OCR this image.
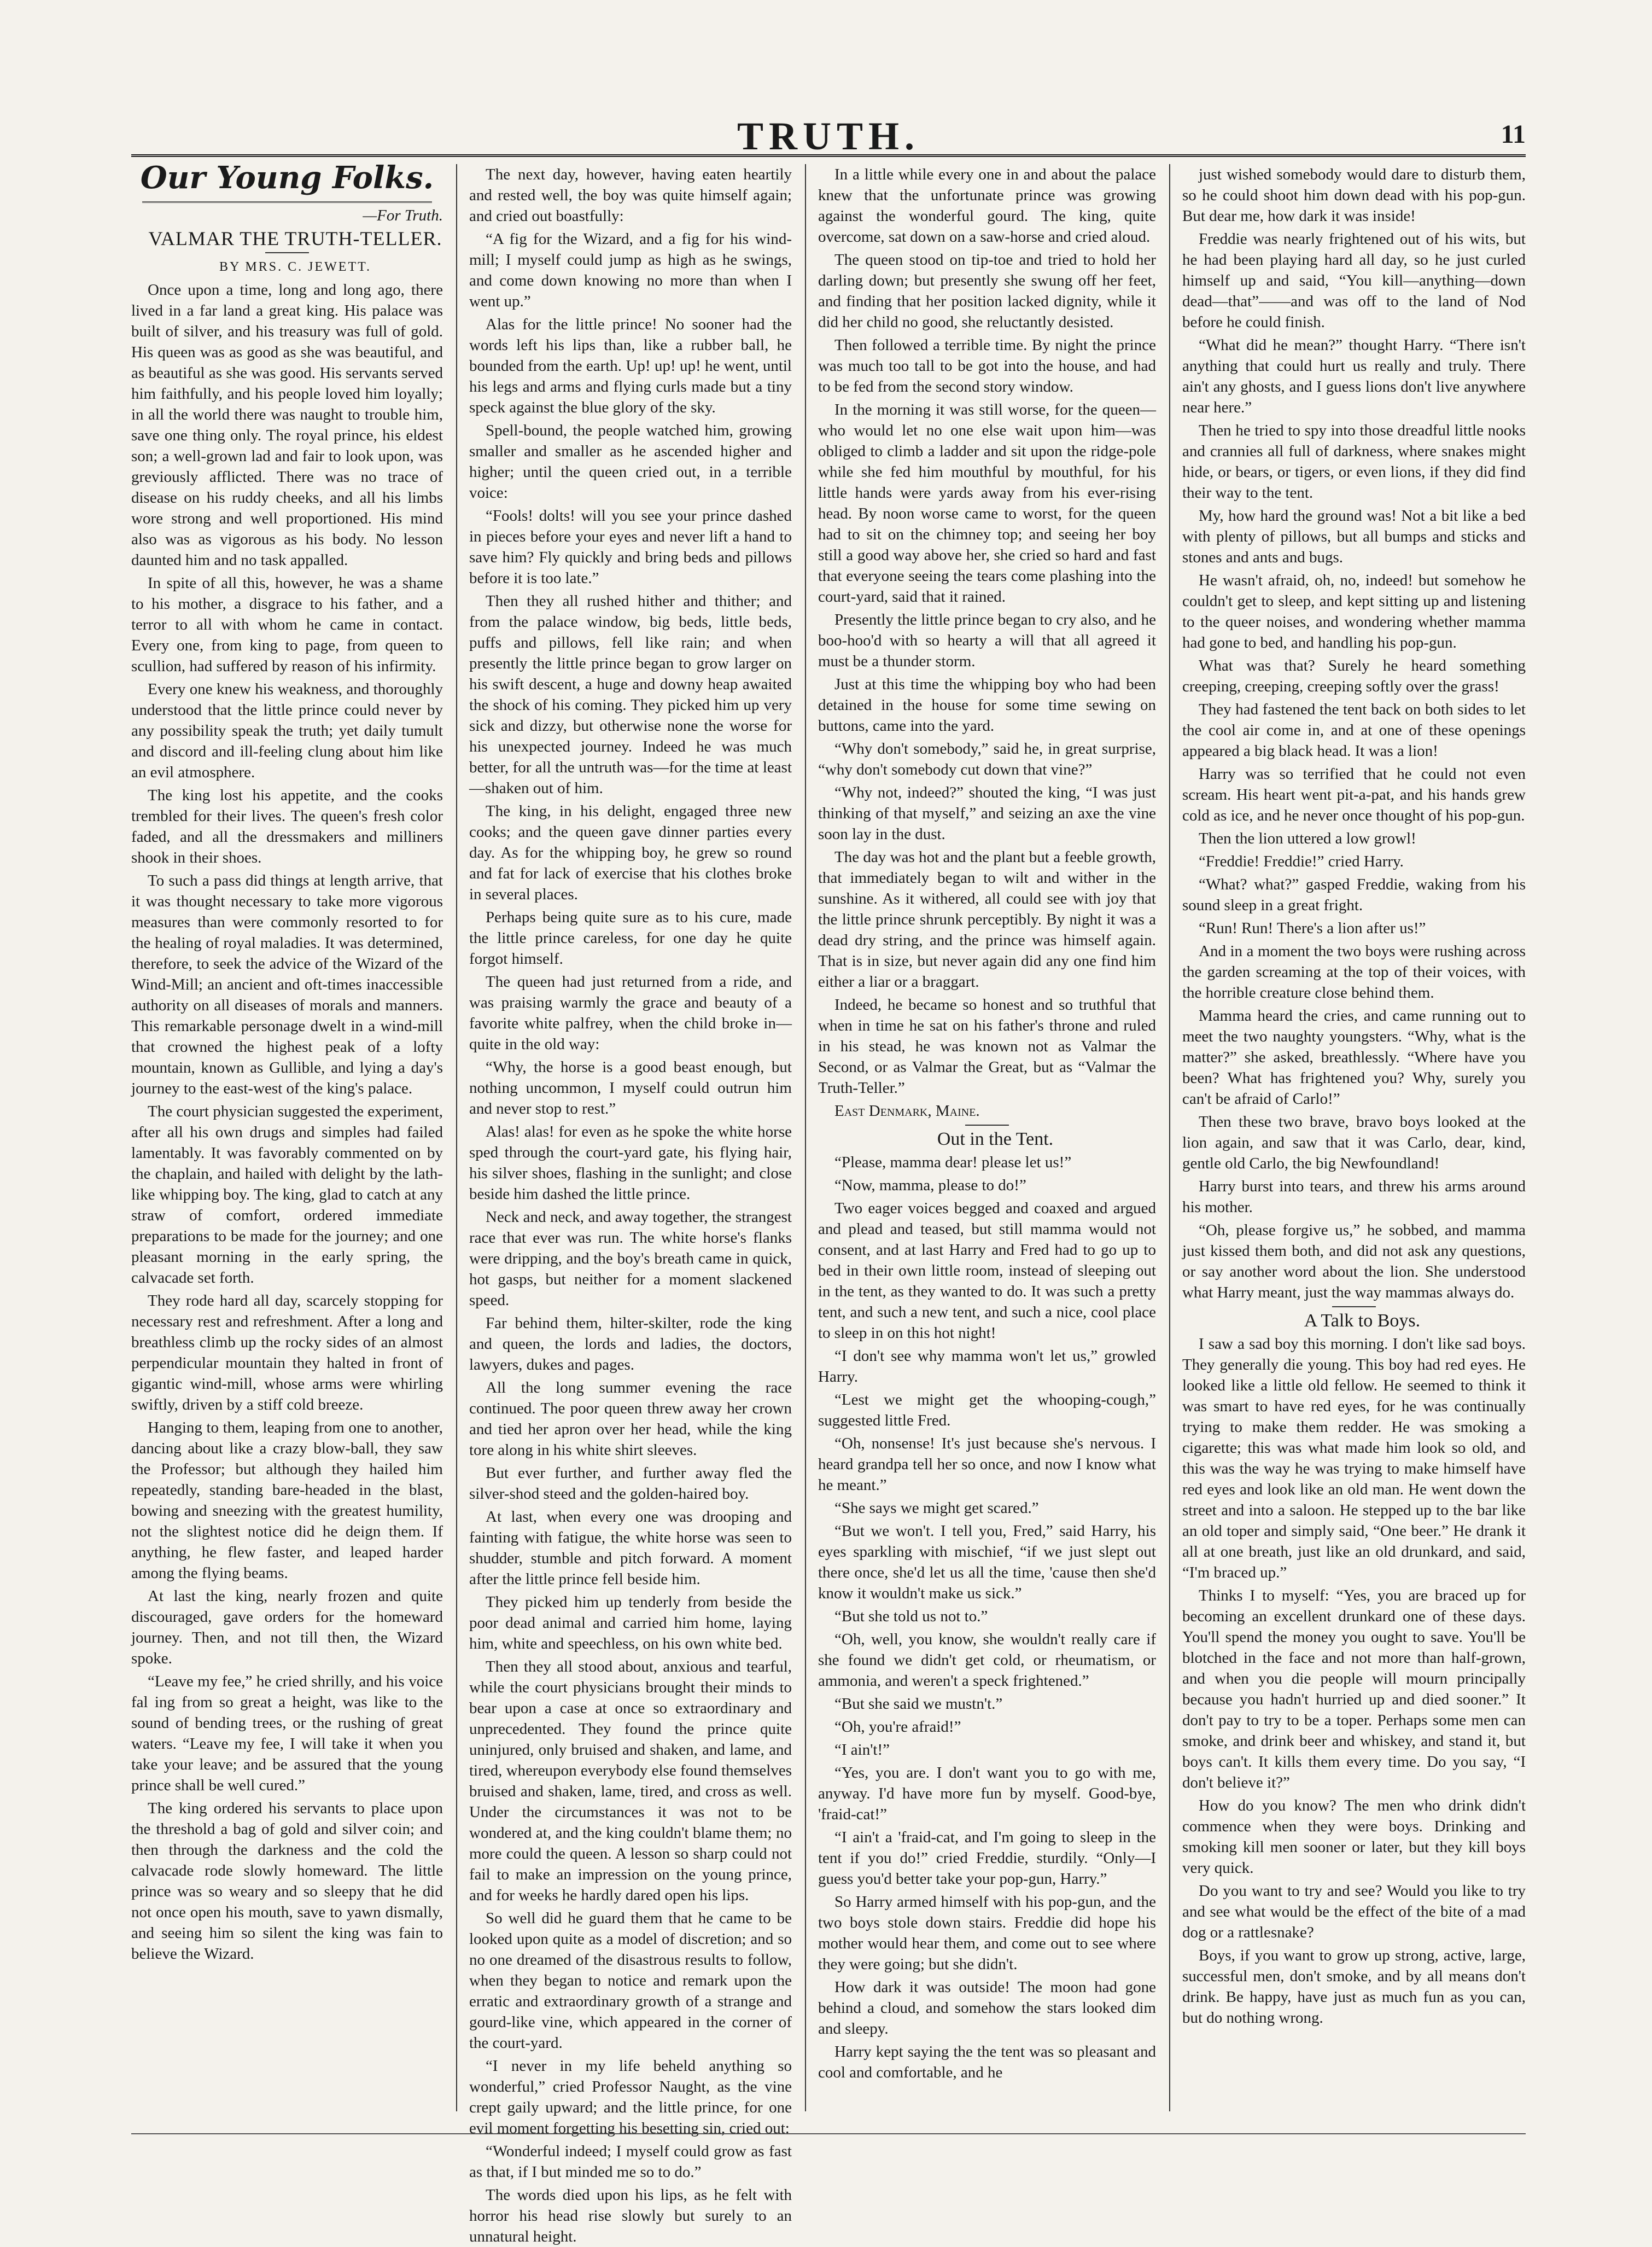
TRUTH.	11
Our Young Folks.

—For Truth.

VALMAR THE TRUTH-TELLER.

BY MRS. C. JEWETT.

Once upon a time, long and long ago, there lived in a far land a great king. His palace was built of silver, and his treasury was full of gold. His queen was as good as she was beautiful, and as beautiful as she was good. His servants served him faithfully, and his people loved him loyally; in all the world there was naught to trouble him, save one thing only. The royal prince, his eldest son; a well-grown lad and fair to look upon, was greviously afflicted. There was no trace of disease on his ruddy cheeks, and all his limbs wore strong and well proportioned. His mind also was as vigorous as his body. No lesson daunted him and no task appalled.

In spite of all this, however, he was a shame to his mother, a disgrace to his father, and a terror to all with whom he came in contact. Every one, from king to page, from queen to scullion, had suffered by reason of his infirmity.

Every one knew his weakness, and thoroughly understood that the little prince could never by any possibility speak the truth; yet daily tumult and discord and ill-feeling clung about him like an evil atmosphere.

The king lost his appetite, and the cooks trembled for their lives. The queen's fresh color faded, and all the dressmakers and milliners shook in their shoes.

To such a pass did things at length arrive, that it was thought necessary to take more vigorous measures than were commonly resorted to for the healing of royal maladies. It was determined, therefore, to seek the advice of the Wizard of the Wind-Mill; an ancient and oft-times inaccessible authority on all diseases of morals and manners. This remarkable personage dwelt in a wind-mill that crowned the highest peak of a lofty mountain, known as Gullible, and lying a day's journey to the east-west of the king's palace.

The court physician suggested the experiment, after all his own drugs and simples had failed lamentably. It was favorably commented on by the chaplain, and hailed with delight by the lath-like whipping boy. The king, glad to catch at any straw of comfort, ordered immediate preparations to be made for the journey; and one pleasant morning in the early spring, the calvacade set forth.

They rode hard all day, scarcely stopping for necessary rest and refreshment. After a long and breathless climb up the rocky sides of an almost perpendicular mountain they halted in front of gigantic wind-mill, whose arms were whirling swiftly, driven by a stiff cold breeze.

Hanging to them, leaping from one to another, dancing about like a crazy blow-ball, they saw the Professor; but although they hailed him repeatedly, standing bare-headed in the blast, bowing and sneezing with the greatest humility, not the slightest notice did he deign them. If anything, he flew faster, and leaped harder among the flying beams.

At last the king, nearly frozen and quite discouraged, gave orders for the homeward journey. Then, and not till then, the Wizard spoke.

“Leave my fee,” he cried shrilly, and his voice fal ing from so great a height, was like to the sound of bending trees, or the rushing of great waters. “Leave my fee, I will take it when you take your leave; and be assured that the young prince shall be well cured.”

The king ordered his servants to place upon the threshold a bag of gold and silver coin; and then through the darkness and the cold the calvacade rode slowly homeward. The little prince was so weary and so sleepy that he did not once open his mouth, save to yawn dismally, and seeing him so silent the king was fain to believe the Wizard.

The next day, however, having eaten heartily and rested well, the boy was quite himself again; and cried out boastfully:

“A fig for the Wizard, and a fig for his wind-mill; I myself could jump as high as he swings, and come down knowing no more than when I went up.”

Alas for the little prince! No sooner had the words left his lips than, like a rubber ball, he bounded from the earth. Up! up! up! he went, until his legs and arms and flying curls made but a tiny speck against the blue glory of the sky.

Spell-bound, the people watched him, growing smaller and smaller as he ascended higher and higher; until the queen cried out, in a terrible voice:

“Fools! dolts! will you see your prince dashed in pieces before your eyes and never lift a hand to save him? Fly quickly and bring beds and pillows before it is too late.”

Then they all rushed hither and thither; and from the palace window, big beds, little beds, puffs and pillows, fell like rain; and when presently the little prince began to grow larger on his swift descent, a huge and downy heap awaited the shock of his coming. They picked him up very sick and dizzy, but otherwise none the worse for his unexpected journey. Indeed he was much better, for all the untruth was—for the time at least—shaken out of him.

The king, in his delight, engaged three new cooks; and the queen gave dinner parties every day. As for the whipping boy, he grew so round and fat for lack of exercise that his clothes broke in several places.

Perhaps being quite sure as to his cure, made the little prince careless, for one day he quite forgot himself.

The queen had just returned from a ride, and was praising warmly the grace and beauty of a favorite white palfrey, when the child broke in—quite in the old way:

“Why, the horse is a good beast enough, but nothing uncommon, I myself could outrun him and never stop to rest.”

Alas! alas! for even as he spoke the white horse sped through the court-yard gate, his flying hair, his silver shoes, flashing in the sunlight; and close beside him dashed the little prince.

Neck and neck, and away together, the strangest race that ever was run. The white horse's flanks were dripping, and the boy's breath came in quick, hot gasps, but neither for a moment slackened speed.

Far behind them, hilter-skilter, rode the king and queen, the lords and ladies, the doctors, lawyers, dukes and pages.

All the long summer evening the race continued. The poor queen threw away her crown and tied her apron over her head, while the king tore along in his white shirt sleeves.

But ever further, and further away fled the silver-shod steed and the golden-haired boy.

At last, when every one was drooping and fainting with fatigue, the white horse was seen to shudder, stumble and pitch forward. A moment after the little prince fell beside him.

They picked him up tenderly from beside the poor dead animal and carried him home, laying him, white and speechless, on his own white bed.

Then they all stood about, anxious and tearful, while the court physicians brought their minds to bear upon a case at once so extraordinary and unprecedented. They found the prince quite uninjured, only bruised and shaken, and lame, and tired, whereupon everybody else found themselves bruised and shaken, lame, tired, and cross as well. Under the circumstances it was not to be wondered at, and the king couldn't blame them; no more could the queen. A lesson so sharp could not fail to make an impression on the young prince, and for weeks he hardly dared open his lips.

So well did he guard them that he came to be looked upon quite as a model of discretion; and so no one dreamed of the disastrous results to follow, when they began to notice and remark upon the erratic and extraordinary growth of a strange and gourd-like vine, which appeared in the corner of the court-yard.

“I never in my life beheld anything so wonderful,” cried Professor Naught, as the vine crept gaily upward; and the little prince, for one evil moment forgetting his besetting sin, cried out:

“Wonderful indeed; I myself could grow as fast as that, if I but minded me so to do.”

The words died upon his lips, as he felt with horror his head rise slowly but surely to an unnatural height.

In a little while every one in and about the palace knew that the unfortunate prince was growing against the wonderful gourd. The king, quite overcome, sat down on a saw-horse and cried aloud.

The queen stood on tip-toe and tried to hold her darling down; but presently she swung off her feet, and finding that her position lacked dignity, while it did her child no good, she reluctantly desisted.

Then followed a terrible time. By night the prince was much too tall to be got into the house, and had to be fed from the second story window.

In the morning it was still worse, for the queen—who would let no one else wait upon him—was obliged to climb a ladder and sit upon the ridge-pole while she fed him mouthful by mouthful, for his little hands were yards away from his ever-rising head. By noon worse came to worst, for the queen had to sit on the chimney top; and seeing her boy still a good way above her, she cried so hard and fast that everyone seeing the tears come plashing into the court-yard, said that it rained.

Presently the little prince began to cry also, and he boo-hoo'd with so hearty a will that all agreed it must be a thunder storm.

Just at this time the whipping boy who had been detained in the house for some time sewing on buttons, came into the yard.

“Why don't somebody,” said he, in great surprise, “why don't somebody cut down that vine?”

“Why not, indeed?” shouted the king, “I was just thinking of that myself,” and seizing an axe the vine soon lay in the dust.

The day was hot and the plant but a feeble growth, that immediately began to wilt and wither in the sunshine. As it withered, all could see with joy that the little prince shrunk perceptibly. By night it was a dead dry string, and the prince was himself again. That is in size, but never again did any one find him either a liar or a braggart.

Indeed, he became so honest and so truthful that when in time he sat on his father's throne and ruled in his stead, he was known not as Valmar the Second, or as Valmar the Great, but as “Valmar the Truth-Teller.”

East Denmark, Maine.

Out in the Tent.

“Please, mamma dear! please let us!”

“Now, mamma, please to do!”

Two eager voices begged and coaxed and argued and plead and teased, but still mamma would not consent, and at last Harry and Fred had to go up to bed in their own little room, instead of sleeping out in the tent, as they wanted to do. It was such a pretty tent, and such a new tent, and such a nice, cool place to sleep in on this hot night!

“I don't see why mamma won't let us,” growled Harry.

“Lest we might get the whooping-cough,” suggested little Fred.

“Oh, nonsense! It's just because she's nervous. I heard grandpa tell her so once, and now I know what he meant.”

“She says we might get scared.”

“But we won't. I tell you, Fred,” said Harry, his eyes sparkling with mischief, “if we just slept out there once, she'd let us all the time, 'cause then she'd know it wouldn't make us sick.”

“But she told us not to.”

“Oh, well, you know, she wouldn't really care if she found we didn't get cold, or rheumatism, or ammonia, and weren't a speck frightened.”

“But she said we mustn't.”

“Oh, you're afraid!”

“I ain't!”

“Yes, you are. I don't want you to go with me, anyway. I'd have more fun by myself. Good-bye, 'fraid-cat!”

“I ain't a 'fraid-cat, and I'm going to sleep in the tent if you do!” cried Freddie, sturdily. “Only—I guess you'd better take your pop-gun, Harry.”

So Harry armed himself with his pop-gun, and the two boys stole down stairs. Freddie did hope his mother would hear them, and come out to see where they were going; but she didn't.

How dark it was outside! The moon had gone behind a cloud, and somehow the stars looked dim and sleepy.

Harry kept saying the the tent was so pleasant and cool and comfortable, and he

just wished somebody would dare to disturb them, so he could shoot him down dead with his pop-gun. But dear me, how dark it was inside!

Freddie was nearly frightened out of his wits, but he had been playing hard all day, so he just curled himself up and said, “You kill—anything—down dead—that”——and was off to the land of Nod before he could finish.

“What did he mean?” thought Harry. “There isn't anything that could hurt us really and truly. There ain't any ghosts, and I guess lions don't live anywhere near here.”

Then he tried to spy into those dreadful little nooks and crannies all full of darkness, where snakes might hide, or bears, or tigers, or even lions, if they did find their way to the tent.

My, how hard the ground was! Not a bit like a bed with plenty of pillows, but all bumps and sticks and stones and ants and bugs.

He wasn't afraid, oh, no, indeed! but somehow he couldn't get to sleep, and kept sitting up and listening to the queer noises, and wondering whether mamma had gone to bed, and handling his pop-gun.

What was that? Surely he heard something creeping, creeping, creeping softly over the grass!

They had fastened the tent back on both sides to let the cool air come in, and at one of these openings appeared a big black head. It was a lion!

Harry was so terrified that he could not even scream. His heart went pit-a-pat, and his hands grew cold as ice, and he never once thought of his pop-gun.

Then the lion uttered a low growl!

“Freddie! Freddie!” cried Harry.

“What? what?” gasped Freddie, waking from his sound sleep in a great fright.

“Run! Run! There's a lion after us!”

And in a moment the two boys were rushing across the garden screaming at the top of their voices, with the horrible creature close behind them.

Mamma heard the cries, and came running out to meet the two naughty youngsters. “Why, what is the matter?” she asked, breathlessly. “Where have you been? What has frightened you? Why, surely you can't be afraid of Carlo!”

Then these two brave, bravo boys looked at the lion again, and saw that it was Carlo, dear, kind, gentle old Carlo, the big Newfoundland!

Harry burst into tears, and threw his arms around his mother.

“Oh, please forgive us,” he sobbed, and mamma just kissed them both, and did not ask any questions, or say another word about the lion. She understood what Harry meant, just the way mammas always do.

A Talk to Boys.

I saw a sad boy this morning. I don't like sad boys. They generally die young. This boy had red eyes. He looked like a little old fellow. He seemed to think it was smart to have red eyes, for he was continually trying to make them redder. He was smoking a cigarette; this was what made him look so old, and this was the way he was trying to make himself have red eyes and look like an old man. He went down the street and into a saloon. He stepped up to the bar like an old toper and simply said, “One beer.” He drank it all at one breath, just like an old drunkard, and said, “I'm braced up.”

Thinks I to myself: “Yes, you are braced up for becoming an excellent drunkard one of these days. You'll spend the money you ought to save. You'll be blotched in the face and not more than half-grown, and when you die people will mourn principally because you hadn't hurried up and died sooner.” It don't pay to try to be a toper. Perhaps some men can smoke, and drink beer and whiskey, and stand it, but boys can't. It kills them every time. Do you say, “I don't believe it?”

How do you know? The men who drink didn't commence when they were boys. Drinking and smoking kill men sooner or later, but they kill boys very quick.

Do you want to try and see? Would you like to try and see what would be the effect of the bite of a mad dog or a rattlesnake?

Boys, if you want to grow up strong, active, large, successful men, don't smoke, and by all means don't drink. Be happy, have just as much fun as you can, but do nothing wrong.
